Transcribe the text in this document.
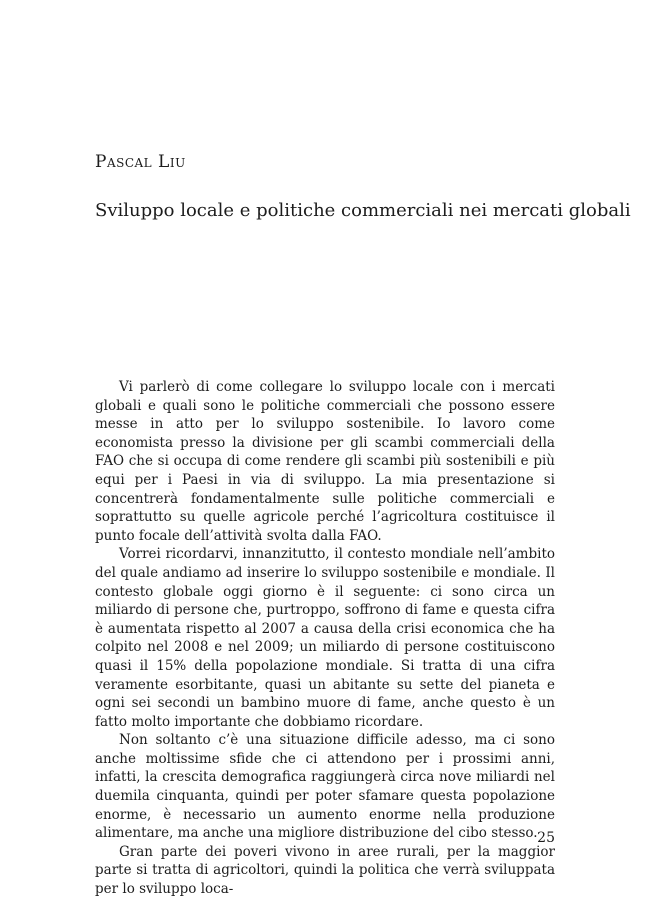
Pascal Liu
Sviluppo locale e politiche commerciali nei mercati globali

Vi parlerò di come collegare lo sviluppo locale con i mercati globali e quali sono le politiche commerciali che possono essere messe in atto per lo sviluppo sostenibile. Io lavoro come economista presso la divisione per gli scambi commerciali della FAO che si occupa di come rendere gli scambi più sostenibili e più equi per i Paesi in via di sviluppo. La mia presentazione si concentrerà fondamentalmente sulle politiche commerciali e soprattutto su quelle agricole perché l’agricoltura costituisce il punto focale dell’attività svolta dalla FAO.

Vorrei ricordarvi, innanzitutto, il contesto mondiale nell’ambito del quale andiamo ad inserire lo sviluppo sostenibile e mondiale. Il contesto globale oggi giorno è il seguente: ci sono circa un miliardo di persone che, purtroppo, soffrono di fame e questa cifra è aumentata rispetto al 2007 a causa della crisi economica che ha colpito nel 2008 e nel 2009; un miliardo di persone costituiscono quasi il 15% della popolazione mondiale. Si tratta di una cifra veramente esorbitante, quasi un abitante su sette del pianeta e ogni sei secondi un bambino muore di fame, anche questo è un fatto molto importante che dobbiamo ricordare.

Non soltanto c’è una situazione difficile adesso, ma ci sono anche moltissime sfide che ci attendono per i prossimi anni, infatti, la crescita demografica raggiungerà circa nove miliardi nel duemila cinquanta, quindi per poter sfamare questa popolazione enorme, è necessario un aumento enorme nella produzione alimentare, ma anche una migliore distribuzione del cibo stesso.

Gran parte dei poveri vivono in aree rurali, per la maggior parte si tratta di agricoltori, quindi la politica che verrà sviluppata per lo sviluppo loca-

25
